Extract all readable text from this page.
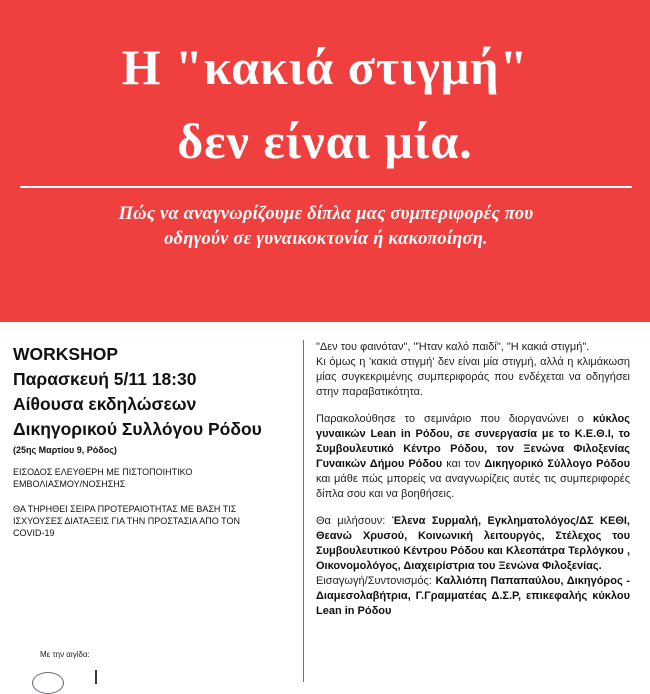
Η "κακιά στιγμή"
δεν είναι μία.
Πώς να αναγνωρίζουμε δίπλα μας συμπεριφορές που
οδηγούν σε γυναικοκτονία ή κακοποίηση.
WORKSHOP
Παρασκευή 5/11 18:30
Αίθουσα εκδηλώσεων
Δικηγορικού Συλλόγου Ρόδου
(25ης Μαρτίου 9, Ρόδος)
ΕΙΣΟΔΟΣ ΕΛΕΥΘΕΡΗ ΜΕ ΠΙΣΤΟΠΟΙΗΤΙΚΟ
ΕΜΒΟΛΙΑΣΜΟΥ/ΝΟΣΗΣΗΣ
ΘΑ ΤΗΡΗΘΕΙ ΣΕΙΡΑ ΠΡΟΤΕΡΑΙΟΤΗΤΑΣ ΜΕ ΒΑΣΗ ΤΙΣ
ΙΣΧΥΟΥΣΕΣ ΔΙΑΤΑΞΕΙΣ ΓΙΑ ΤΗΝ ΠΡΟΣΤΑΣΙΑ ΑΠΟ ΤΟΝ
COVID-19
Με την αιγίδα:

"Δεν του φαινόταν", "Ήταν καλό παιδί", "Η κακιά στιγμή".

Κι όμως η 'κακιά στιγμή' δεν είναι μία στιγμή, αλλά η κλιμάκωση μίας συγκεκριμένης συμπεριφοράς που ενδέχεται να οδηγήσει στην παραβατικότητα.

Παρακολούθησε το σεμινάριο που διοργανώνει ο κύκλος γυναικών Lean in Ρόδου, σε συνεργασία με το Κ.Ε.Θ.Ι, το Συμβουλευτικό Κέντρο Ρόδου, τον Ξενώνα Φιλοξενίας Γυναικών Δήμου Ρόδου και τον Δικηγορικό Σύλλογο Ρόδου και μάθε πώς μπορείς να αναγνωρίζεις αυτές τις συμπεριφορές δίπλα σου και να βοηθήσεις.

Θα μιλήσουν: Έλενα Συρμαλή, Εγκληματολόγος/ΔΣ ΚΕΘΙ, Θεανώ Χρυσού, Κοινωνική λειτουργός, Στέλεχος του Συμβουλευτικού Κέντρου Ρόδου και Κλεοπάτρα Τερλόγκου , Οικονομολόγος, Διαχειρίστρια του Ξενώνα Φιλοξενίας.

Εισαγωγή/Συντονισμός: Καλλιόπη Παπαπαύλου, Δικηγόρος - Διαμεσολαβήτρια, Γ.Γραμματέας Δ.Σ.Ρ, επικεφαλής κύκλου Lean in Ρόδου
